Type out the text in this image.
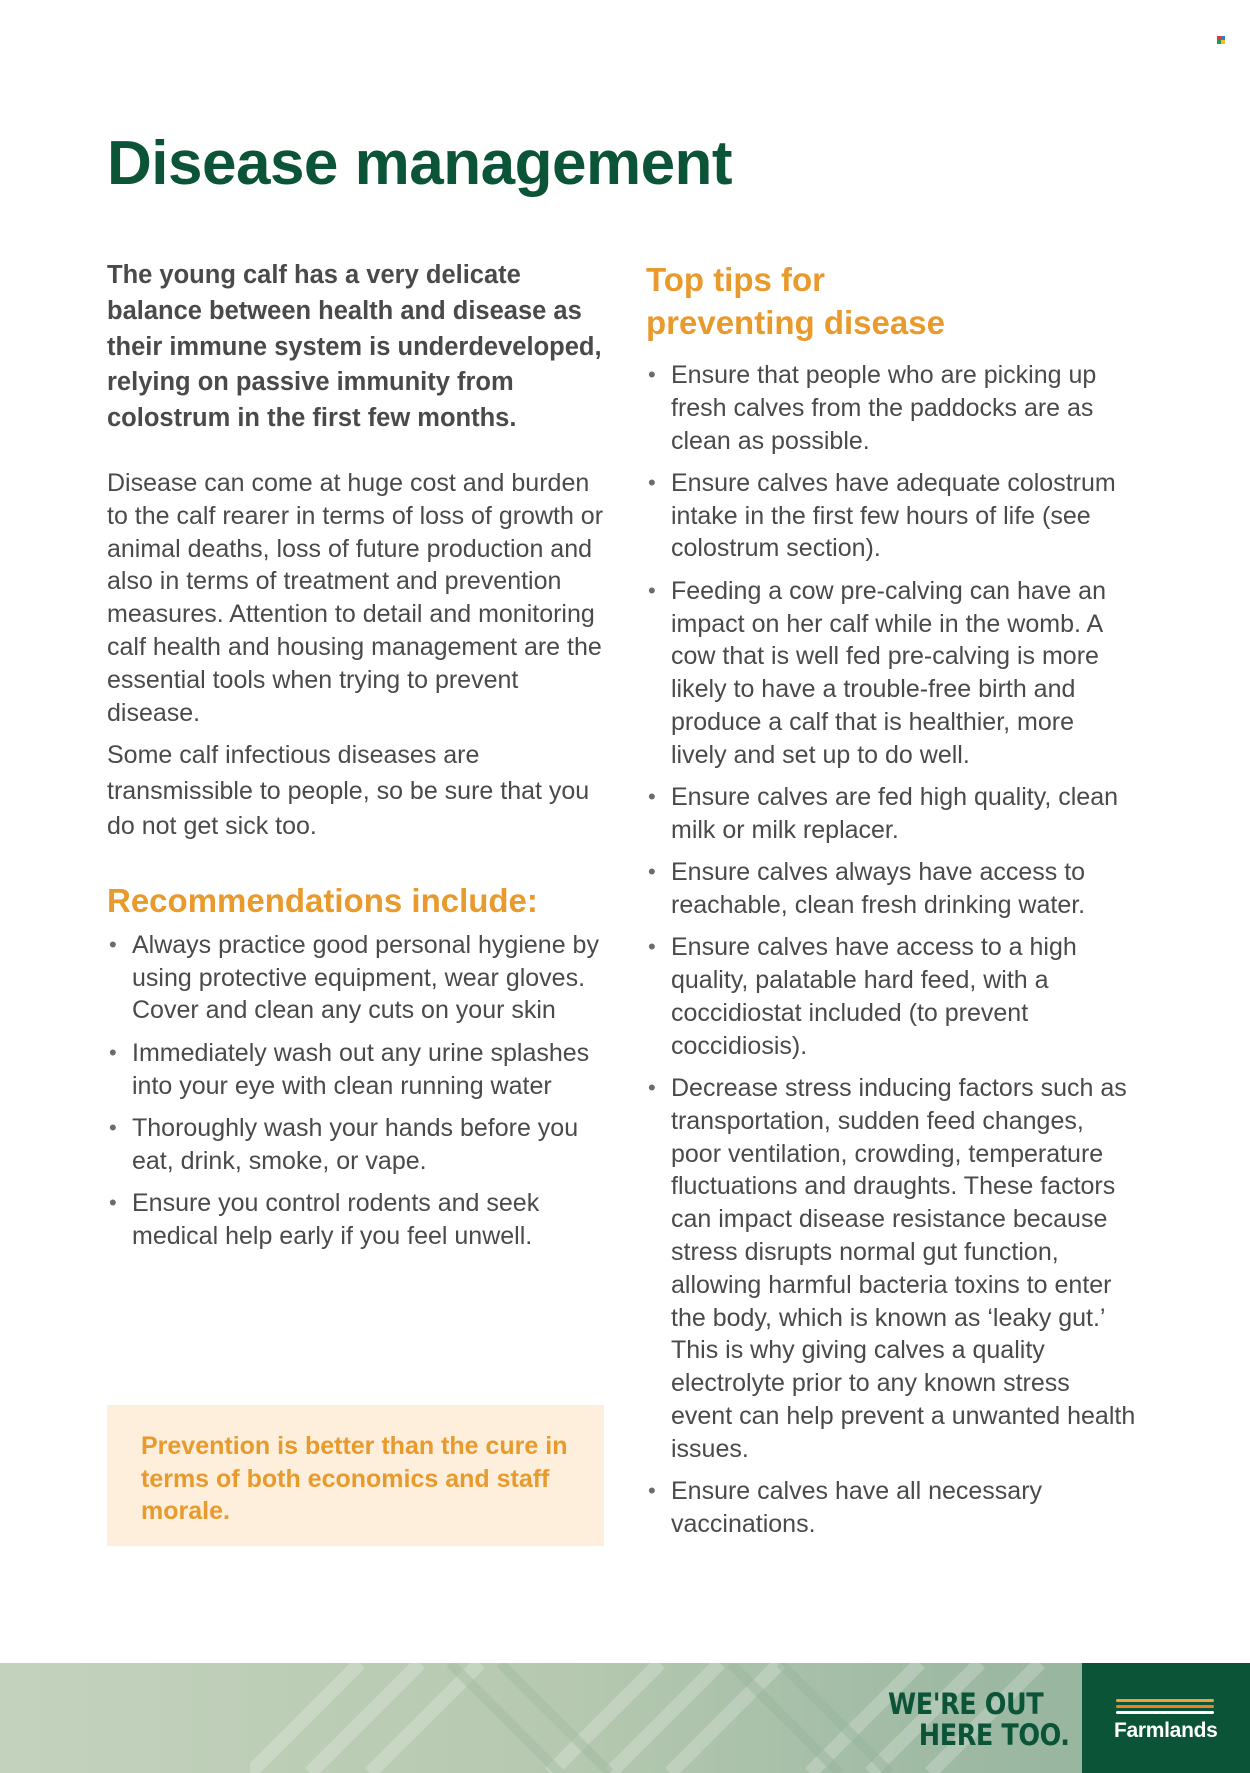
Disease management

The young calf has a very delicate balance between health and disease as their immune system is underdeveloped, relying on passive immunity from colostrum in the first few months.

Disease can come at huge cost and burden to the calf rearer in terms of loss of growth or animal deaths, loss of future production and also in terms of treatment and prevention measures. Attention to detail and monitoring calf health and housing management are the essential tools when trying to prevent disease.

Some calf infectious diseases are transmissible to people, so be sure that you do not get sick too.

Recommendations include:
• Always practice good personal hygiene by using protective equipment, wear gloves. Cover and clean any cuts on your skin
• Immediately wash out any urine splashes into your eye with clean running water
• Thoroughly wash your hands before you eat, drink, smoke, or vape.
• Ensure you control rodents and seek medical help early if you feel unwell.

Prevention is better than the cure in terms of both economics and staff morale.

Top tips for
preventing disease
• Ensure that people who are picking up fresh calves from the paddocks are as clean as possible.
• Ensure calves have adequate colostrum intake in the first few hours of life (see colostrum section).
• Feeding a cow pre-calving can have an impact on her calf while in the womb. A cow that is well fed pre-calving is more likely to have a trouble-free birth and produce a calf that is healthier, more lively and set up to do well.
• Ensure calves are fed high quality, clean milk or milk replacer.
• Ensure calves always have access to reachable, clean fresh drinking water.
• Ensure calves have access to a high quality, palatable hard feed, with a coccidiostat included (to prevent coccidiosis).
• Decrease stress inducing factors such as transportation, sudden feed changes, poor ventilation, crowding, temperature fluctuations and draughts. These factors can impact disease resistance because stress disrupts normal gut function, allowing harmful bacteria toxins to enter the body, which is known as ‘leaky gut.’ This is why giving calves a quality electrolyte prior to any known stress event can help prevent a unwanted health issues.
• Ensure calves have all necessary vaccinations.
WE'RE OUT
HERE TOO. Farmlands
